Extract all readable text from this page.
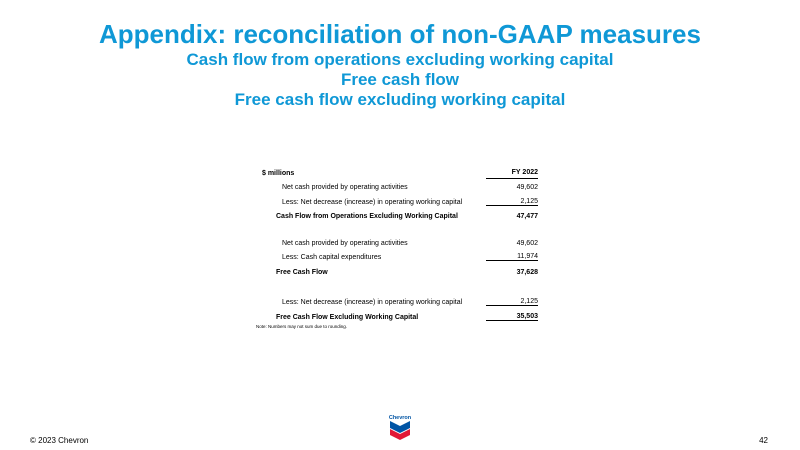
Appendix: reconciliation of non-GAAP measures
Cash flow from operations excluding working capital
Free cash flow
Free cash flow excluding working capital
$ millions	FY 2022
Net cash provided by operating activities	49,602
Less: Net decrease (increase) in operating working capital	2,125
Cash Flow from Operations Excluding Working Capital	47,477
Net cash provided by operating activities	49,602
Less: Cash capital expenditures	11,974
Free Cash Flow	37,628
Less: Net decrease (increase) in operating working capital	2,125
Free Cash Flow Excluding Working Capital	35,503
Note: Numbers may not sum due to rounding.
© 2023 Chevron	42
Chevron
